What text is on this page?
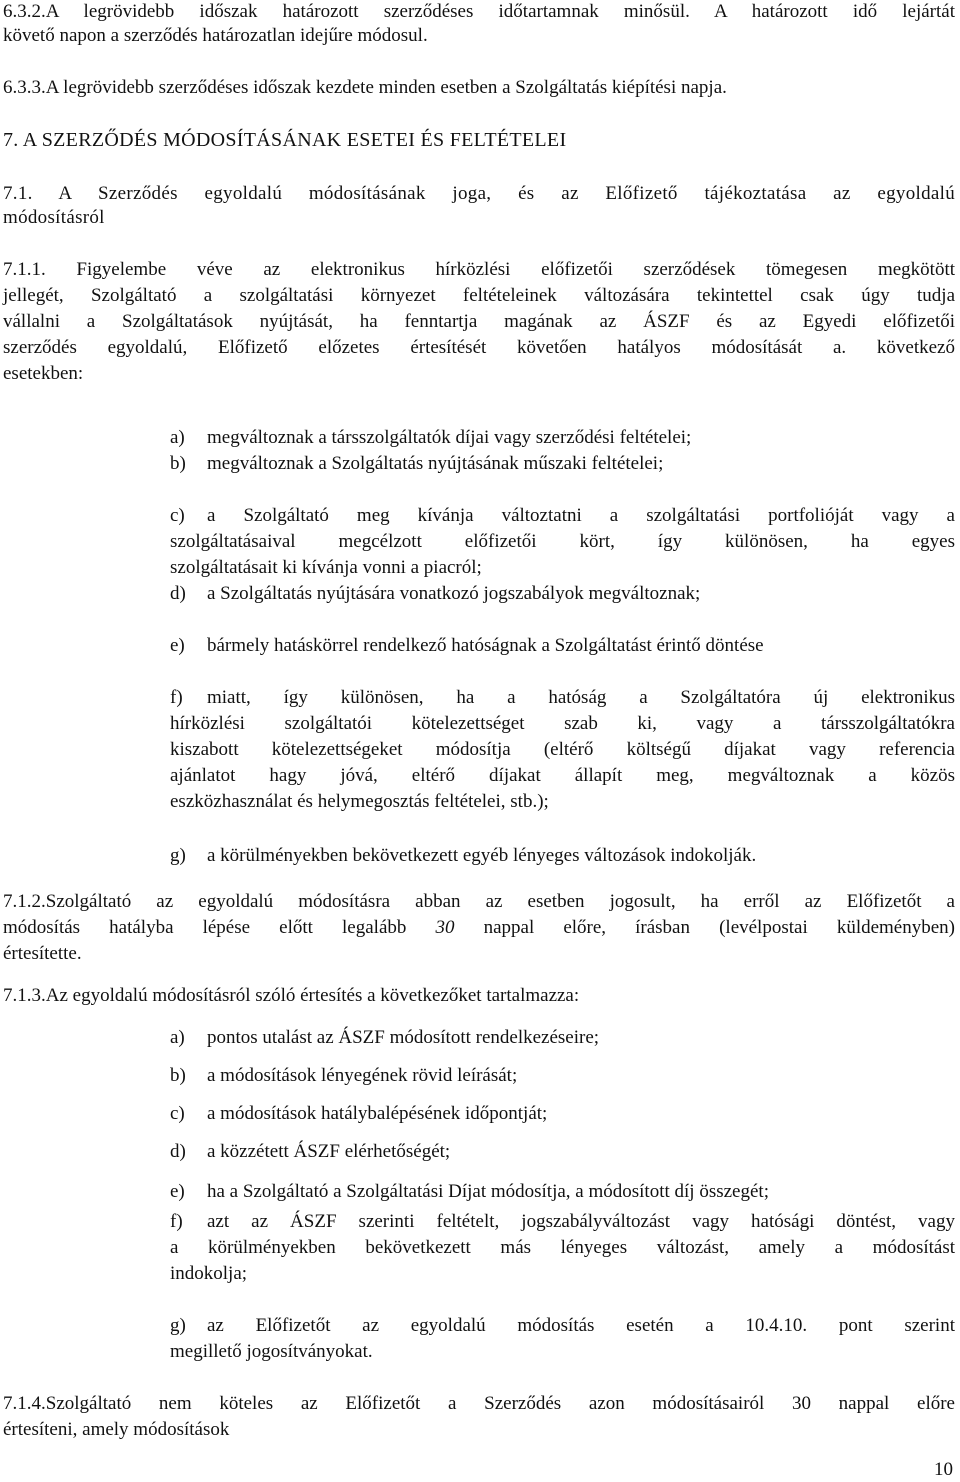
6.3.2.A legrövidebb időszak határozott szerződéses időtartamnak minősül. A határozott idő lejártát
követő napon a szerződés határozatlan idejűre módosul.
6.3.3.A legrövidebb szerződéses időszak kezdete minden esetben a Szolgáltatás kiépítési napja.
7. A SZERZŐDÉS MÓDOSÍTÁSÁNAK ESETEI ÉS FELTÉTELEI
7.1. A Szerződés egyoldalú módosításának joga, és az Előfizető tájékoztatása az egyoldalú
módosításról
7.1.1. Figyelembe véve az elektronikus hírközlési előfizetői szerződések tömegesen megkötött
jellegét, Szolgáltató a szolgáltatási környezet feltételeinek változására tekintettel csak úgy tudja
vállalni a Szolgáltatások nyújtását, ha fenntartja magának az ÁSZF és az Egyedi előfizetői
szerződés egyoldalú, Előfizető előzetes értesítését követően hatályos módosítását a. következő
esetekben:
a) megváltoznak a társszolgáltatók díjai vagy szerződési feltételei;
b) megváltoznak a Szolgáltatás nyújtásának műszaki feltételei;
c) a Szolgáltató meg kívánja változtatni a szolgáltatási portfolióját vagy a
szolgáltatásaival megcélzott előfizetői kört, így különösen, ha egyes
szolgáltatásait ki kívánja vonni a piacról;
d) a Szolgáltatás nyújtására vonatkozó jogszabályok megváltoznak;
e) bármely hatáskörrel rendelkező hatóságnak a Szolgáltatást érintő döntése
f) miatt, így különösen, ha a hatóság a Szolgáltatóra új elektronikus
hírközlési szolgáltatói kötelezettséget szab ki, vagy a társszolgáltatókra
kiszabott kötelezettségeket módosítja (eltérő költségű díjakat vagy referencia
ajánlatot hagy jóvá, eltérő díjakat állapít meg, megváltoznak a közös
eszközhasználat és helymegosztás feltételei, stb.);
g) a körülményekben bekövetkezett egyéb lényeges változások indokolják.
7.1.2.Szolgáltató az egyoldalú módosításra abban az esetben jogosult, ha erről az Előfizetőt a
módosítás hatályba lépése előtt legalább 30 nappal előre, írásban (levélpostai küldeményben)
értesítette.
7.1.3.Az egyoldalú módosításról szóló értesítés a következőket tartalmazza:
a) pontos utalást az ÁSZF módosított rendelkezéseire;
b) a módosítások lényegének rövid leírását;
c) a módosítások hatálybalépésének időpontját;
d) a közzétett ÁSZF elérhetőségét;
e) ha a Szolgáltató a Szolgáltatási Díjat módosítja, a módosított díj összegét;
f) azt az ÁSZF szerinti feltételt, jogszabályváltozást vagy hatósági döntést, vagy
a körülményekben bekövetkezett más lényeges változást, amely a módosítást
indokolja;
g) az Előfizetőt az egyoldalú módosítás esetén a 10.4.10. pont szerint
megillető jogosítványokat.
7.1.4.Szolgáltató nem köteles az Előfizetőt a Szerződés azon módosításairól 30 nappal előre
értesíteni, amely módosítások
10
